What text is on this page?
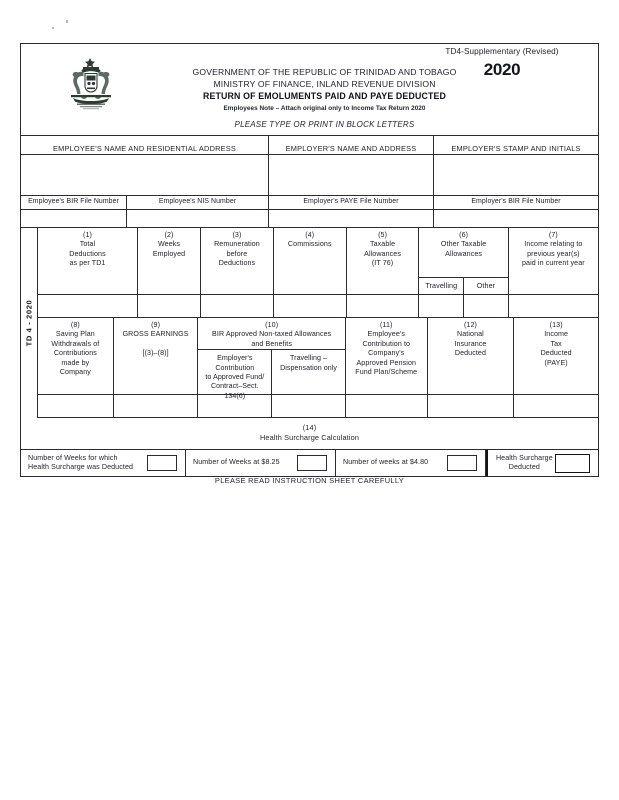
TD4-Supplementary (Revised)
2020
GOVERNMENT OF THE REPUBLIC OF TRINIDAD AND TOBAGO
MINISTRY OF FINANCE, INLAND REVENUE DIVISION
RETURN OF EMOLUMENTS PAID AND PAYE DEDUCTED
Employees Note – Attach original only to Income Tax Return 2020
PLEASE TYPE OR PRINT IN BLOCK LETTERS
EMPLOYEE'S NAME AND RESIDENTIAL ADDRESS	EMPLOYER'S NAME AND ADDRESS	EMPLOYER'S STAMP AND INITIALS
Employee's BIR File Number	Employee's NIS Number	Employer's PAYE File Number	Employer's BIR File Number
TD 4 - 2020
(1)
Total
Deductions
as per TD1
(2)
Weeks
Employed
(3)
Remuneration
before
Deductions
(4)
Commissions
(5)
Taxable
Allowances
(IT 76)
(6)
Other Taxable
Allowances
Travelling	Other
(7)
Income relating to
previous year(s)
paid in current year
(8)
Saving Plan
Withdrawals of
Contributions
made by
Company
(9)
GROSS EARNINGS

[(3)–(8)]
(10)
BIR Approved Non-taxed Allowances
and Benefits
Employer's
Contribution
to Approved Fund/
Contract–Sect.
134(6)
Travelling –
Dispensation only
(11)
Employee's
Contribution to
Company's
Approved Pension
Fund Plan/Scheme
(12)
National
Insurance
Deducted
(13)
Income
Tax
Deducted
(PAYE)
(14)
Health Surcharge Calculation
Number of Weeks for which
Health Surcharge was Deducted
Number of Weeks at $8.25	Number of weeks at $4.80
Health Surcharge
Deducted
PLEASE READ INSTRUCTION SHEET CAREFULLY
